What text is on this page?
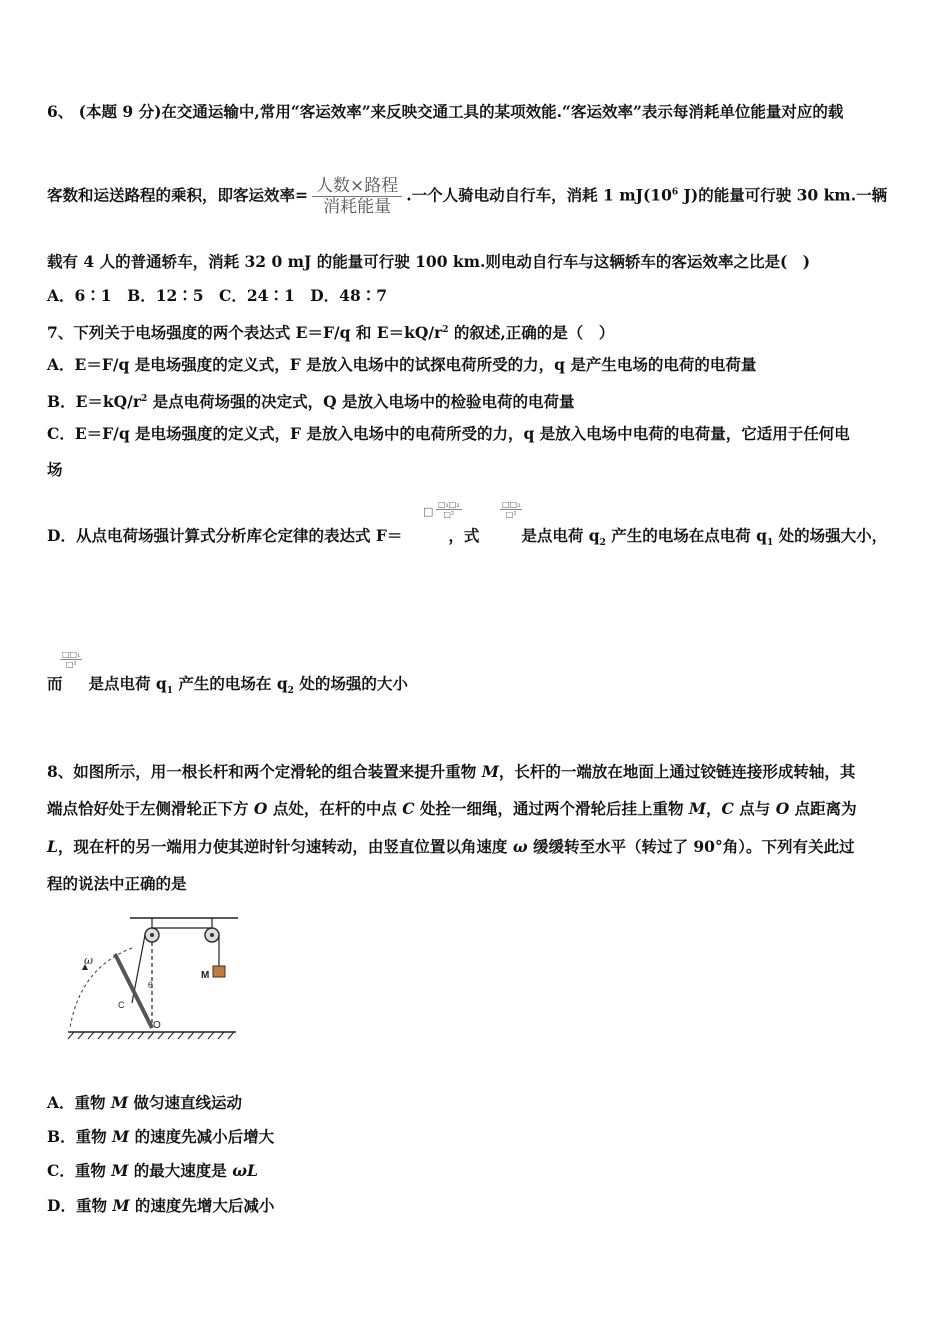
6、 (本题 9 分)在交通运输中,常用“客运效率”来反映交通工具的某项效能.“客运效率”表示每消耗单位能量对应的载
客数和运送路程的乘积，即客运效率= $\frac{\text{人数×路程}}{\text{消耗能量}}$ .一个人骑电动自行车，消耗 1 $mJ(10^6$ J)的能量可行驶 30 km.一辆
载有 4 人的普通轿车，消耗 32 0 mJ 的能量可行驶 100 km.则电动自行车与这辆轿车的客运效率之比是(　)
A．6∶1　B．12∶5　C．24∶1　D．48∶7
7、下列关于电场强度的两个表达式 E＝F/q 和 $E=kQ/r^2$ 的叙述,正确的是（　）
A．E＝F/q 是电场强度的定义式，F 是放入电场中的试探电荷所受的力，q 是产生电场的电荷的电荷量
B．$E=kQ/r^2$ 是点电荷场强的决定式，Q 是放入电场中的检验电荷的电荷量
C．E＝F/q 是电场强度的定义式，F 是放入电场中的电荷所受的力，q 是放入电场中电荷的电荷量，它适用于任何电
场
D．从点电荷场强计算式分析库仑定律的表达式 F＝	，式	是点电荷 $q_2$ 产生的电场在点电荷 $q_1$ 处的场强大小，
□
□₁□₂
□²
□□₂
□²
而 是点电荷 $q_1$ 产生的电场在 $q_2$ 处的场强的大小
□□₁
□²
8、如图所示，用一根长杆和两个定滑轮的组合装置来提升重物 M，长杆的一端放在地面上通过铰链连接形成转轴，其
端点恰好处于左侧滑轮正下方 O 点处，在杆的中点 C 处拴一细绳，通过两个滑轮后挂上重物 M，C 点与 O 点距离为
L，现在杆的另一端用力使其逆时针匀速转动，由竖直位置以角速度 ω 缓缓转至水平（转过了 90°角）。下列有关此过
程的说法中正确的是
M
ω
C
θ
O
A．重物 M 做匀速直线运动
B．重物 M 的速度先减小后增大
C．重物 M 的最大速度是 ωL
D．重物 M 的速度先增大后减小
